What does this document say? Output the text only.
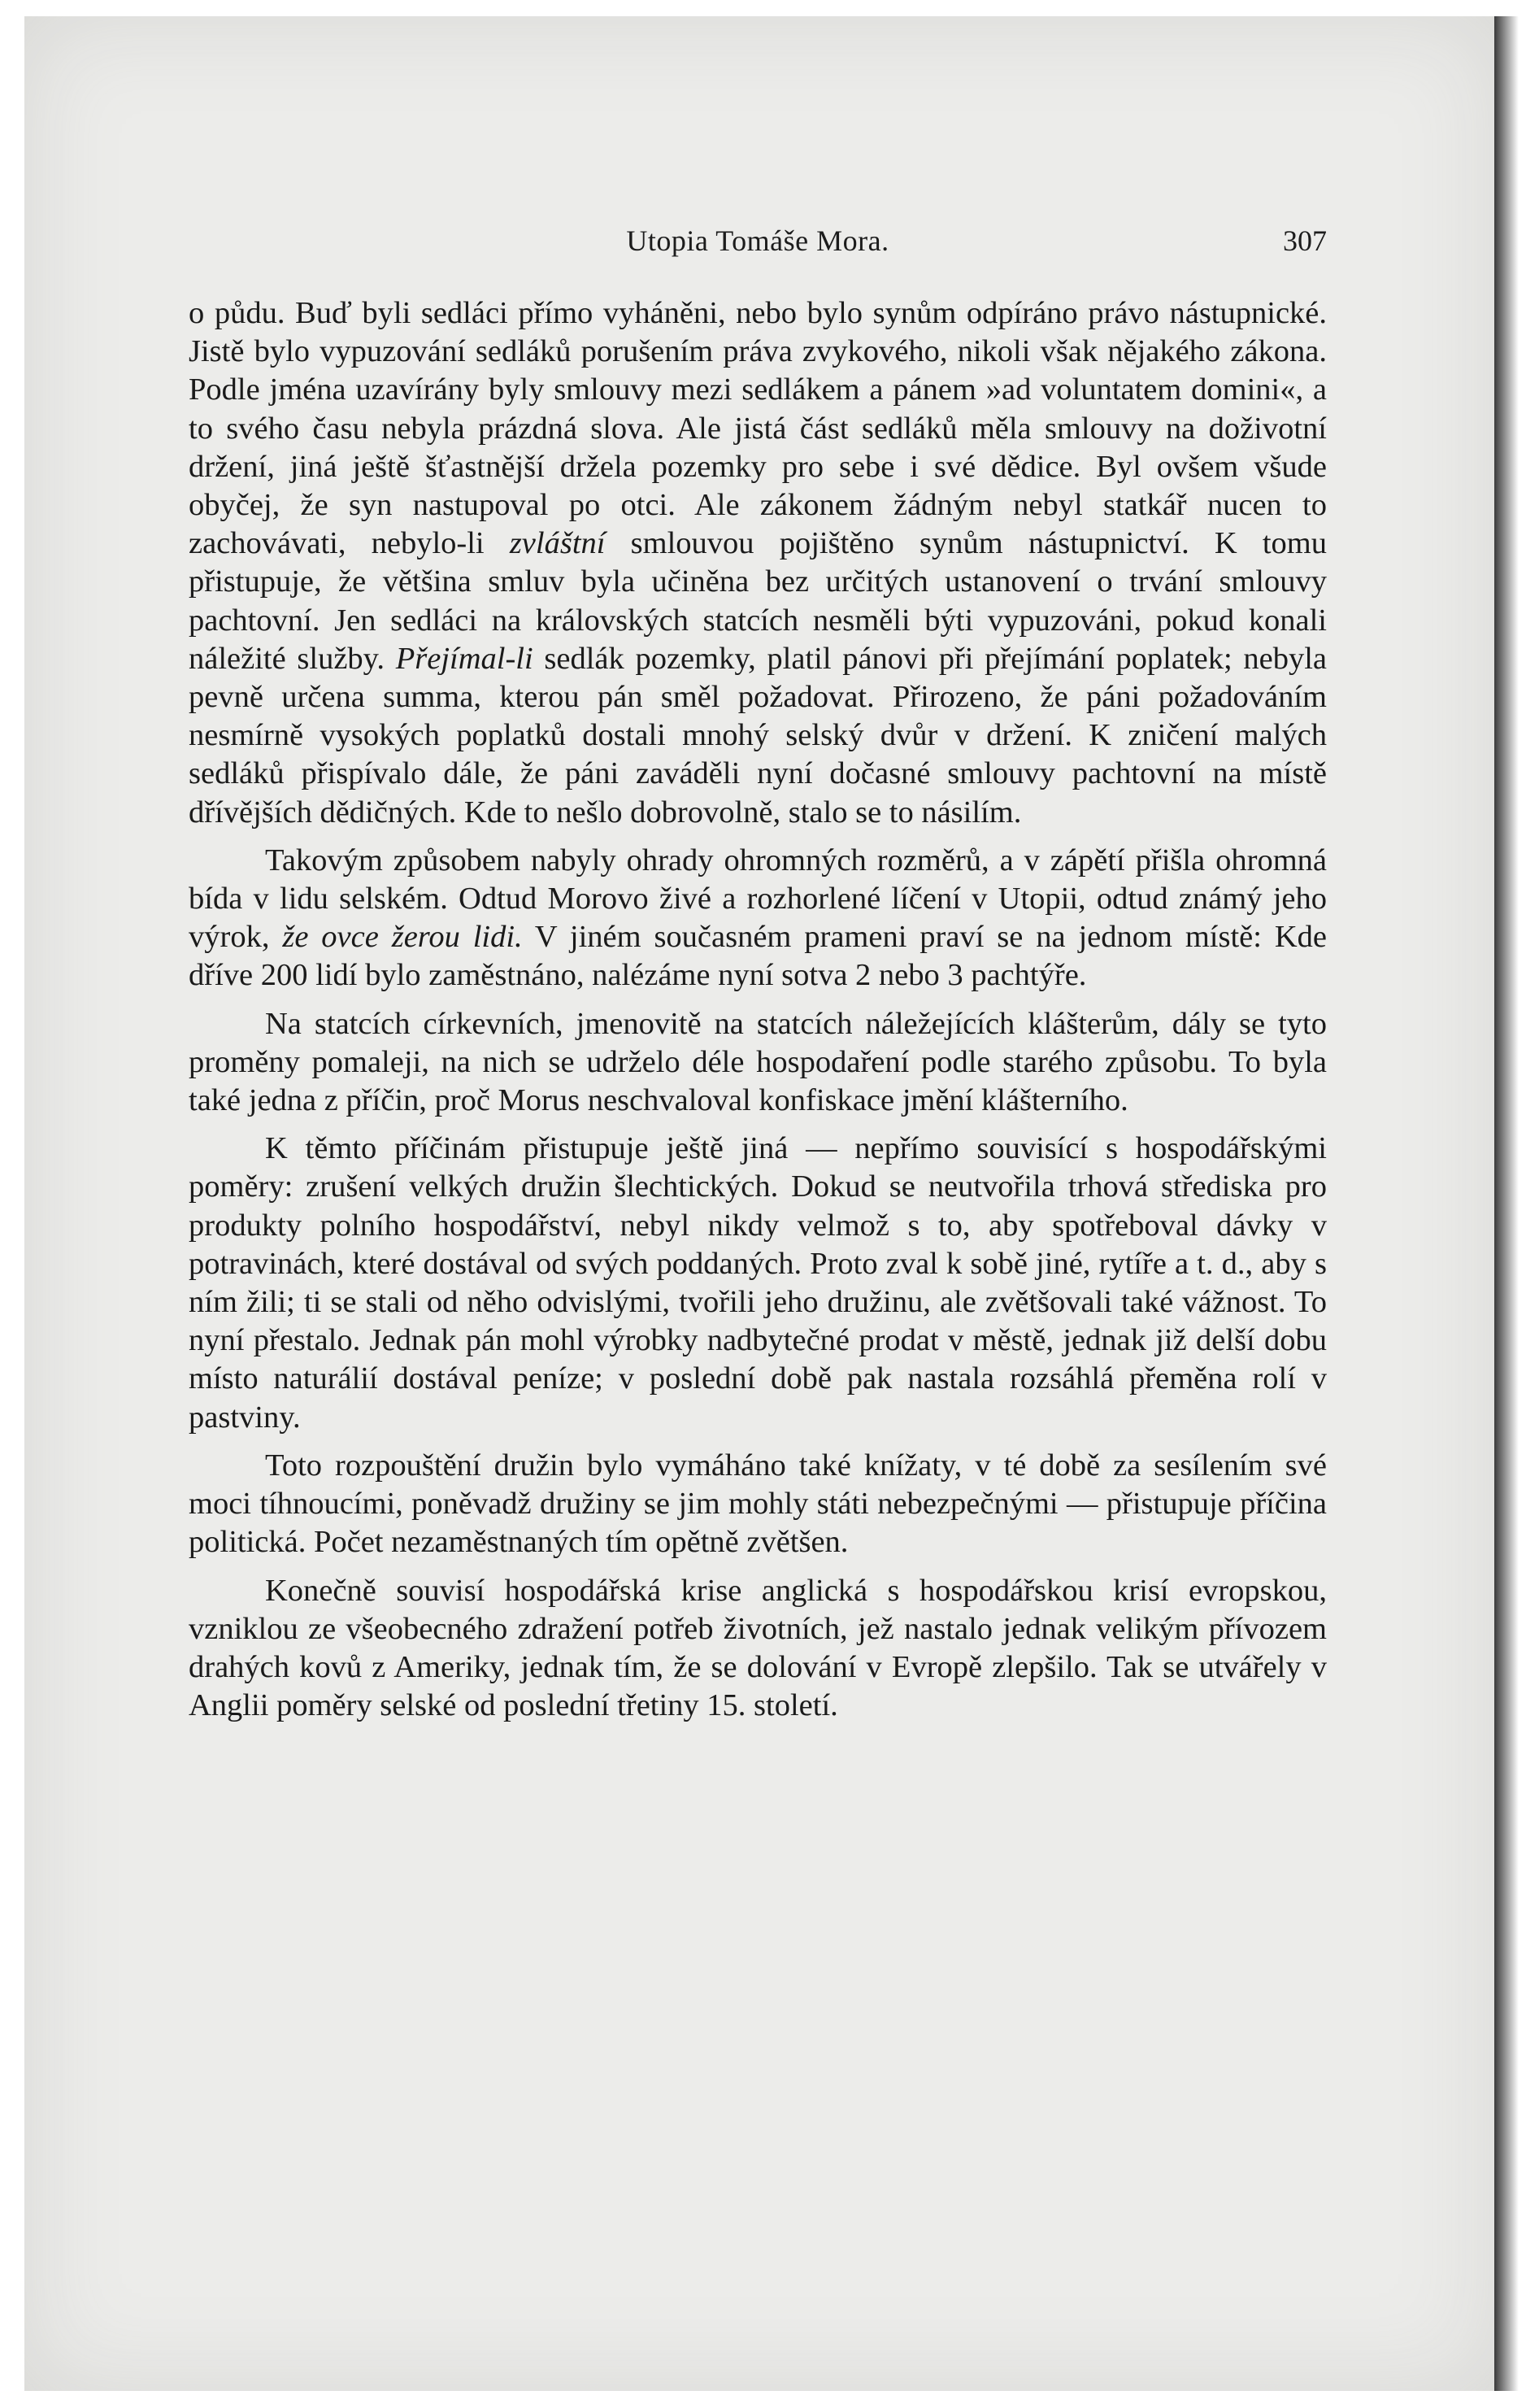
Utopia Tomáše Mora.	307

o půdu. Buď byli sedláci přímo vyháněni, nebo bylo synům odpíráno právo nástupnické. Jistě bylo vypuzování sedláků porušením práva zvykového, nikoli však nějakého zákona. Podle jména uzavírány byly smlouvy mezi sedlákem a pánem »ad voluntatem domini«, a to svého času nebyla prázdná slova. Ale jistá část sedláků měla smlouvy na doživotní držení, jiná ještě šťastnější držela pozemky pro sebe i své dědice. Byl ovšem všude obyčej, že syn nastupoval po otci. Ale zákonem žádným nebyl statkář nucen to zachovávati, nebylo-li zvláštní smlouvou pojištěno synům nástupnictví. K tomu přistupuje, že většina smluv byla učiněna bez určitých ustanovení o trvání smlouvy pachtovní. Jen sedláci na královských statcích nesměli býti vypuzováni, pokud konali náležité služby. Přejímal-li sedlák pozemky, platil pánovi při přejímání poplatek; nebyla pevně určena summa, kterou pán směl požadovat. Přirozeno, že páni požadováním nesmírně vysokých poplatků dostali mnohý selský dvůr v držení. K zničení malých sedláků přispívalo dále, že páni zaváděli nyní dočasné smlouvy pachtovní na místě dřívějších dědičných. Kde to nešlo dobrovolně, stalo se to násilím.

Takovým způsobem nabyly ohrady ohromných rozměrů, a v zápětí přišla ohromná bída v lidu selském. Odtud Morovo živé a rozhorlené líčení v Utopii, odtud známý jeho výrok, že ovce žerou lidi. V jiném současném prameni praví se na jednom místě: Kde dříve 200 lidí bylo zaměstnáno, nalézáme nyní sotva 2 nebo 3 pachtýře.

Na statcích církevních, jmenovitě na statcích náležejících klášterům, dály se tyto proměny pomaleji, na nich se udrželo déle hospodaření podle starého způsobu. To byla také jedna z příčin, proč Morus neschvaloval konfiskace jmění klášterního.

K těmto příčinám přistupuje ještě jiná — nepřímo souvisící s hospodářskými poměry: zrušení velkých družin šlechtických. Dokud se neutvořila trhová střediska pro produkty polního hospodářství, nebyl nikdy velmož s to, aby spotřeboval dávky v potravinách, které dostával od svých poddaných. Proto zval k sobě jiné, rytíře a t. d., aby s ním žili; ti se stali od něho odvislými, tvořili jeho družinu, ale zvětšovali také vážnost. To nyní přestalo. Jednak pán mohl výrobky nadbytečné prodat v městě, jednak již delší dobu místo naturálií dostával peníze; v poslední době pak nastala rozsáhlá přeměna rolí v pastviny.

Toto rozpouštění družin bylo vymáháno také knížaty, v té době za sesílením své moci tíhnoucími, poněvadž družiny se jim mohly státi nebezpečnými — přistupuje příčina politická. Počet nezaměstnaných tím opětně zvětšen.

Konečně souvisí hospodářská krise anglická s hospodářskou krisí evropskou, vzniklou ze všeobecného zdražení potřeb životních, jež nastalo jednak velikým přívozem drahých kovů z Ameriky, jednak tím, že se dolování v Evropě zlepšilo. Tak se utvářely v Anglii poměry selské od poslední třetiny 15. století.
